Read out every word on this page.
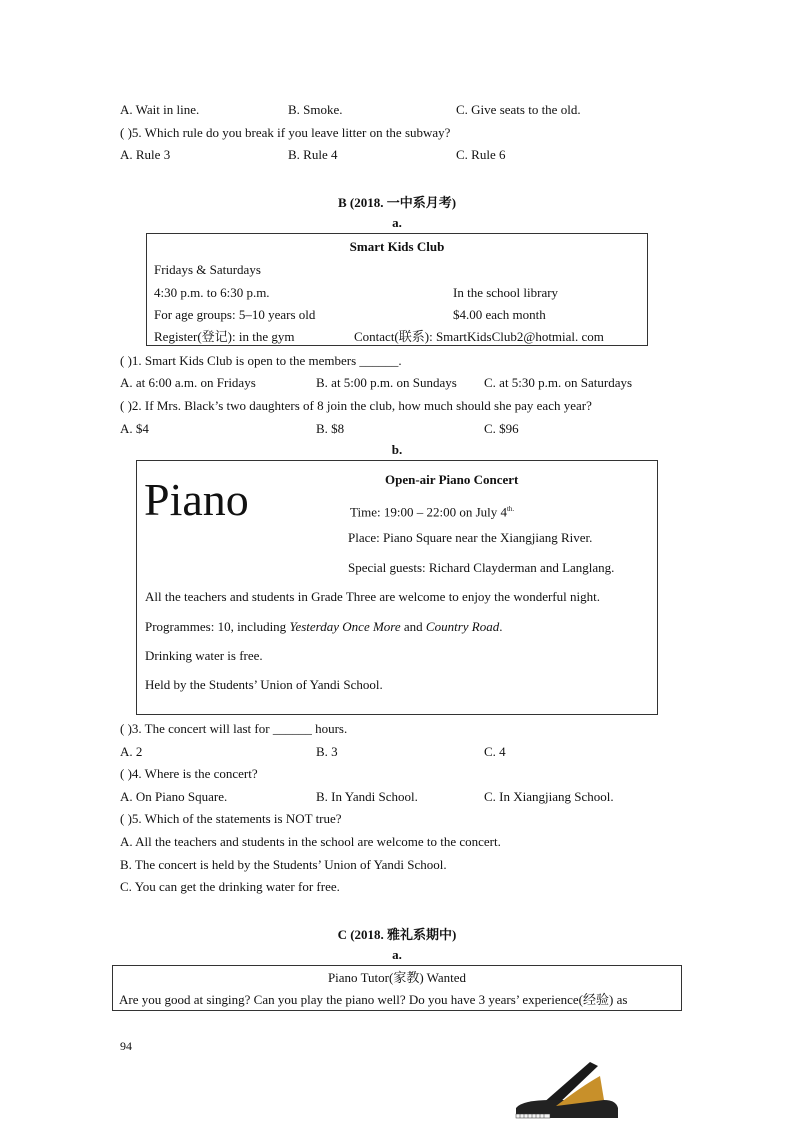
A. Wait in line.	B. Smoke.	C. Give seats to the old.
( )5. Which rule do you break if you leave litter on the subway?
A. Rule 3	B. Rule 4	C. Rule 6
B (2018. 一中系月考)
a.
Smart Kids Club
Fridays & Saturdays
4:30 p.m. to 6:30 p.m.	In the school library
For age groups: 5–10 years old	$4.00 each month
Register(登记): in the gym	Contact(联系): SmartKidsClub2@hotmial. com
( )1. Smart Kids Club is open to the members ______.
A. at 6:00 a.m. on Fridays	B. at 5:00 p.m. on Sundays C. at 5:30 p.m. on Saturdays
( )2. If Mrs. Black’s two daughters of 8 join the club, how much should she pay each year?
A. $4	B. $8	C. $96
b.
Piano	Open-air Piano Concert
Time: 19:00 – 22:00 on July $4^{th.}$
Place: Piano Square near the Xiangjiang River.
Special guests: Richard Clayderman and Langlang.
All the teachers and students in Grade Three are welcome to enjoy the wonderful night.
Programmes: 10, including Yesterday Once More and Country Road.
Drinking water is free.
Held by the Students’ Union of Yandi School.
( )3. The concert will last for ______ hours.
A. 2	B. 3	C. 4
( )4. Where is the concert?
A. On Piano Square.	B. In Yandi School.	C. In Xiangjiang School.
( )5. Which of the statements is NOT true?
A. All the teachers and students in the school are welcome to the concert.
B. The concert is held by the Students’ Union of Yandi School.
C. You can get the drinking water for free.
C (2018. 雅礼系期中)
a.
Piano Tutor(家教) Wanted
Are you good at singing? Can you play the piano well? Do you have 3 years’ experience(经验) as
94
